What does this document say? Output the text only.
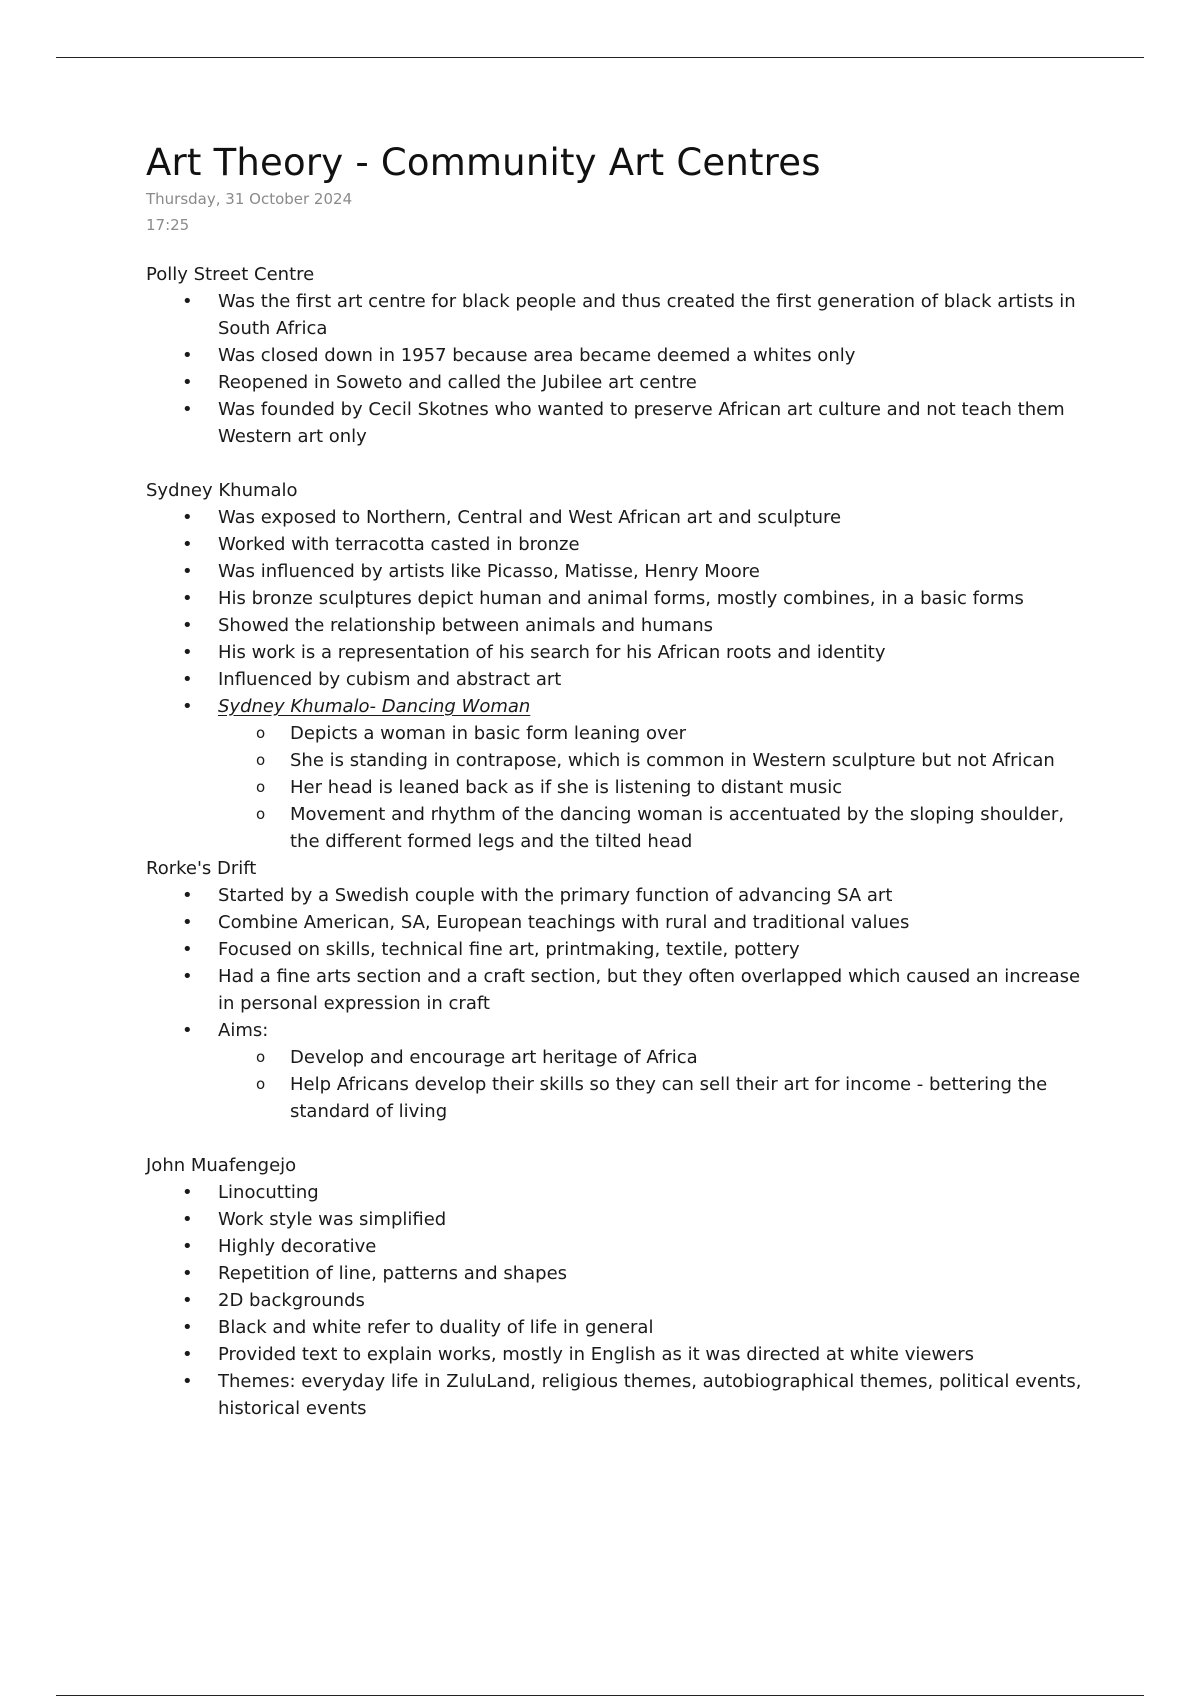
Art Theory - Community Art Centres
Thursday, 31 October 2024
17:25
Polly Street Centre
• Was the first art centre for black people and thus created the first generation of black artists in South Africa
• Was closed down in 1957 because area became deemed a whites only
• Reopened in Soweto and called the Jubilee art centre
• Was founded by Cecil Skotnes who wanted to preserve African art culture and not teach them Western art only
Sydney Khumalo
• Was exposed to Northern, Central and West African art and sculpture
• Worked with terracotta casted in bronze
• Was influenced by artists like Picasso, Matisse, Henry Moore
• His bronze sculptures depict human and animal forms, mostly combines, in a basic forms
• Showed the relationship between animals and humans
• His work is a representation of his search for his African roots and identity
• Influenced by cubism and abstract art
• Sydney Khumalo- Dancing Woman
o Depicts a woman in basic form leaning over
o She is standing in contrapose, which is common in Western sculpture but not African
o Her head is leaned back as if she is listening to distant music
o Movement and rhythm of the dancing woman is accentuated by the sloping shoulder, the different formed legs and the tilted head
Rorke's Drift
• Started by a Swedish couple with the primary function of advancing SA art
• Combine American, SA, European teachings with rural and traditional values
• Focused on skills, technical fine art, printmaking, textile, pottery
• Had a fine arts section and a craft section, but they often overlapped which caused an increase in personal expression in craft
• Aims:
o Develop and encourage art heritage of Africa
o Help Africans develop their skills so they can sell their art for income - bettering the standard of living
John Muafengejo
• Linocutting
• Work style was simplified
• Highly decorative
• Repetition of line, patterns and shapes
• 2D backgrounds
• Black and white refer to duality of life in general
• Provided text to explain works, mostly in English as it was directed at white viewers
• Themes: everyday life in ZuluLand, religious themes, autobiographical themes, political events, historical events
